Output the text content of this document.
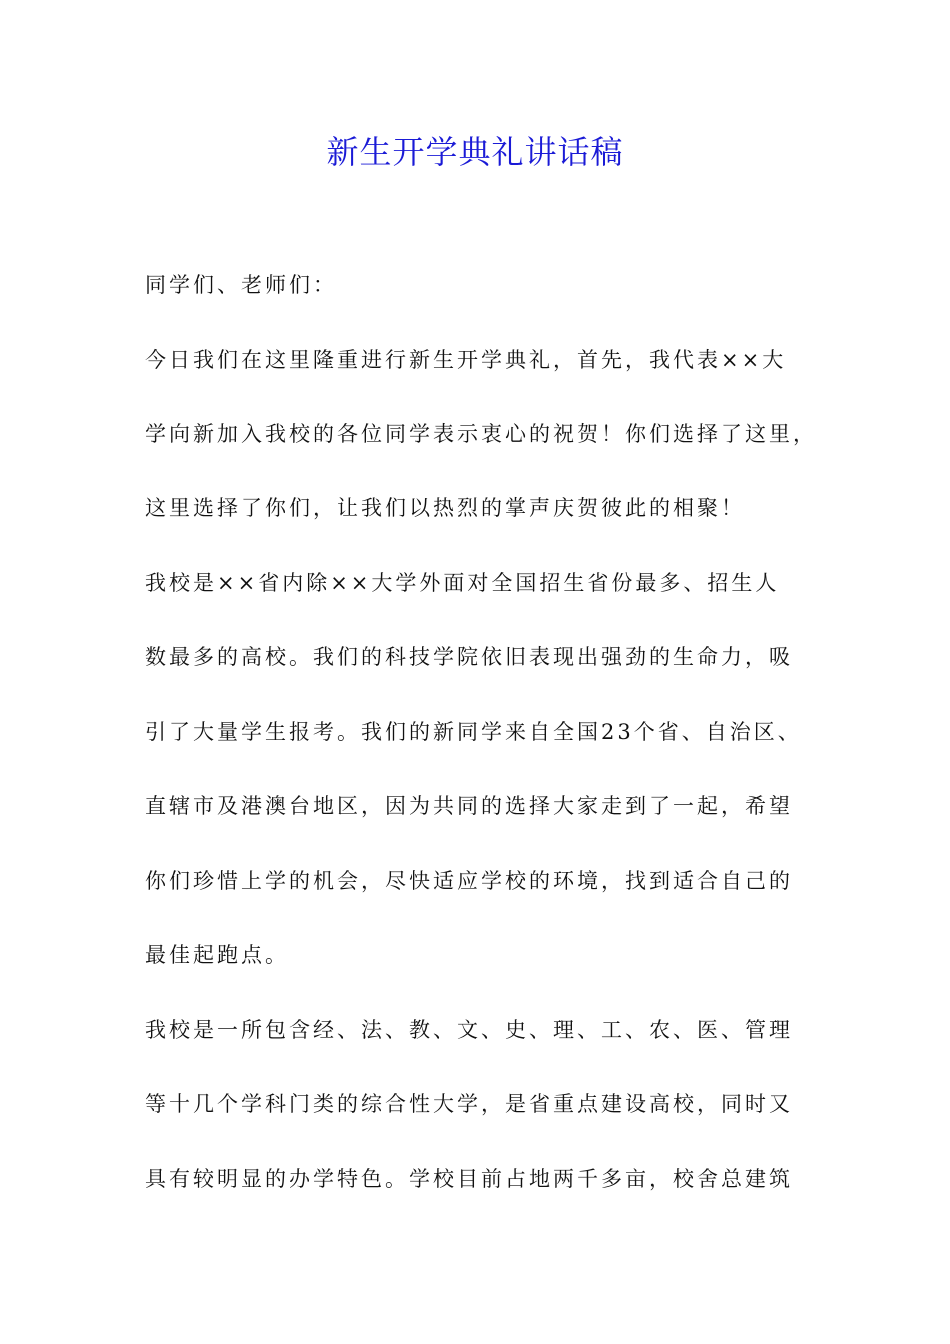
新生开学典礼讲话稿
同学们、老师们：
今日我们在这里隆重进行新生开学典礼，首先，我代表××大
学向新加入我校的各位同学表示衷心的祝贺！你们选择了这里，
这里选择了你们，让我们以热烈的掌声庆贺彼此的相聚！
我校是××省内除××大学外面对全国招生省份最多、招生人
数最多的高校。我们的科技学院依旧表现出强劲的生命力，吸
引了大量学生报考。我们的新同学来自全国23个省、自治区、
直辖市及港澳台地区，因为共同的选择大家走到了一起，希望
你们珍惜上学的机会，尽快适应学校的环境，找到适合自己的
最佳起跑点。
我校是一所包含经、法、教、文、史、理、工、农、医、管理
等十几个学科门类的综合性大学，是省重点建设高校，同时又
具有较明显的办学特色。学校目前占地两千多亩，校舍总建筑
